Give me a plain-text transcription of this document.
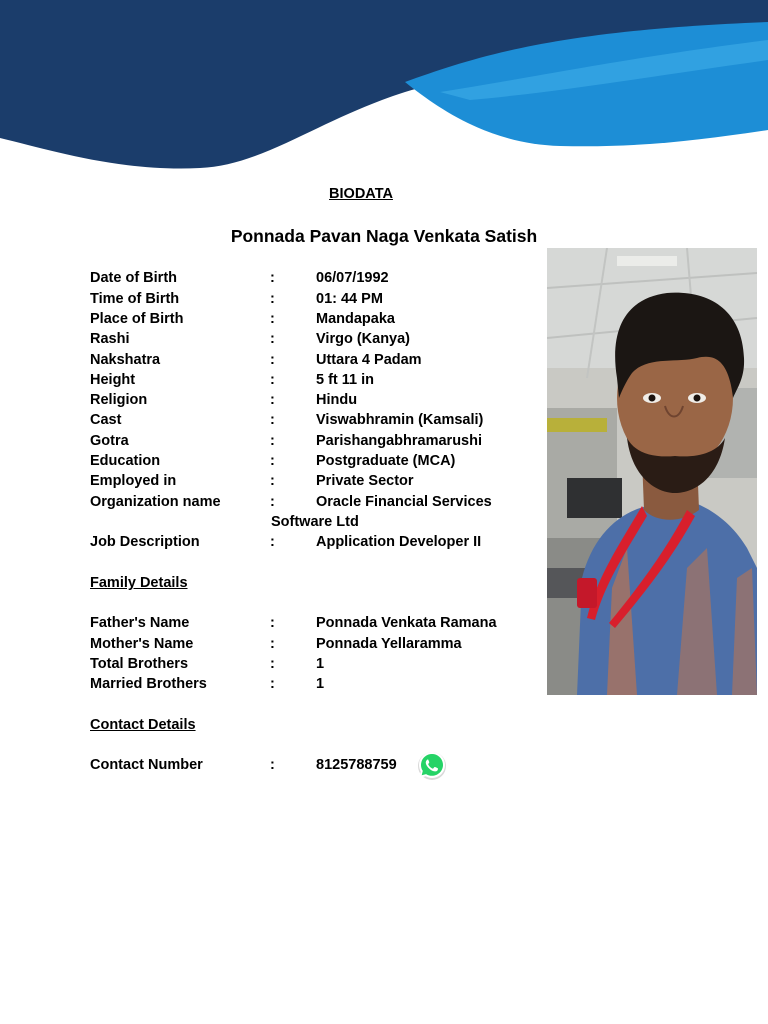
BIODATA
Ponnada Pavan Naga Venkata Satish
Date of Birth	:	06/07/1992
Time of Birth	:	01: 44 PM
Place of Birth	:	Mandapaka
Rashi	:	Virgo (Kanya)
Nakshatra	:	Uttara 4 Padam
Height	:	5 ft 11 in
Religion	:	Hindu
Cast	:	Viswabhramin (Kamsali)
Gotra	:	Parishangabhramarushi
Education	:	Postgraduate (MCA)
Employed in	:	Private Sector
Organization name	:	Oracle Financial Services
Software Ltd
Job Description	:	Application Developer II
Family Details
Father's Name	:	Ponnada Venkata Ramana
Mother's Name	:	Ponnada Yellaramma
Total Brothers	:	1
Married Brothers	:	1
Contact Details
Contact Number	:	8125788759
